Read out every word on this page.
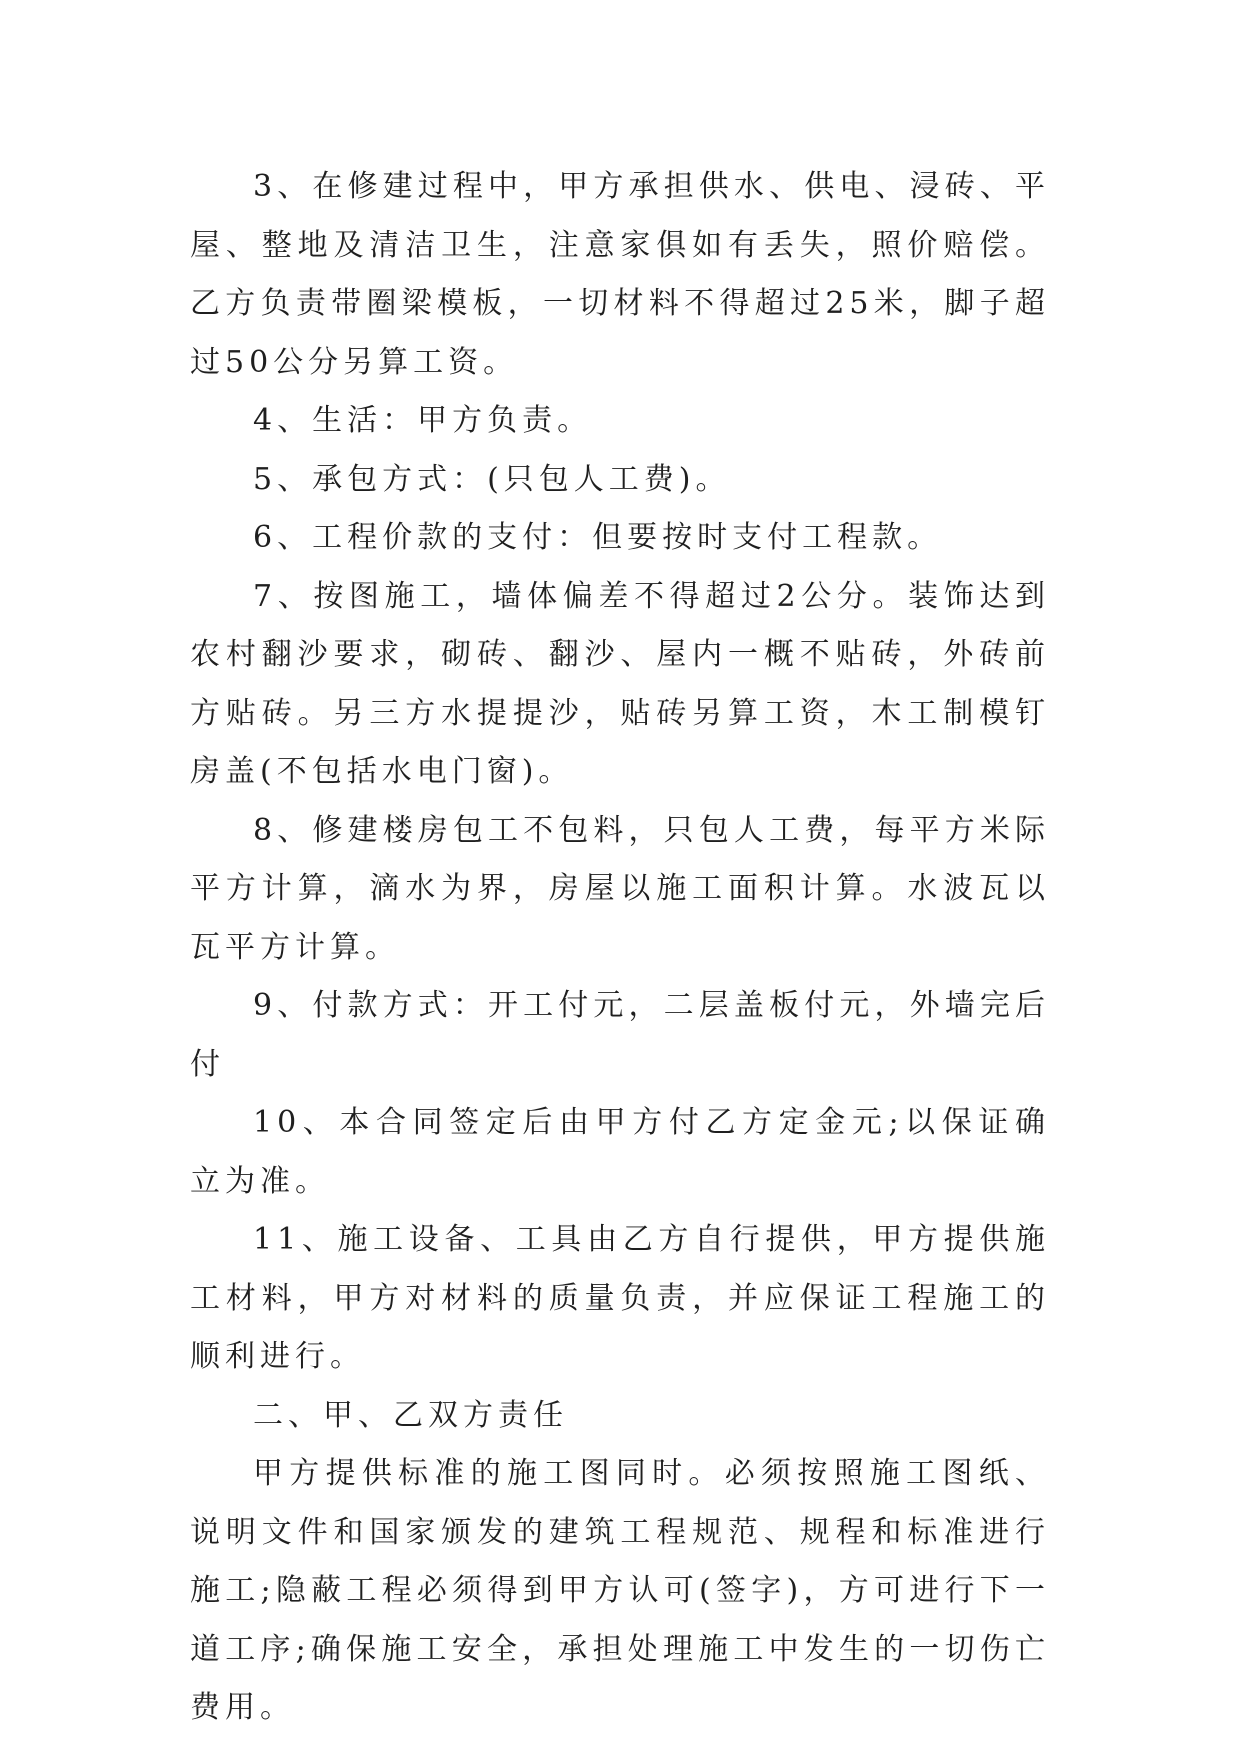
3、在修建过程中，甲方承担供水、供电、浸砖、平屋、整地及清洁卫生，注意家俱如有丢失，照价赔偿。乙方负责带圈梁模板，一切材料不得超过25米，脚子超过50公分另算工资。

4、生活：甲方负责。

5、承包方式：(只包人工费)。

6、工程价款的支付：但要按时支付工程款。

7、按图施工，墙体偏差不得超过2公分。装饰达到农村翻沙要求，砌砖、翻沙、屋内一概不贴砖，外砖前方贴砖。另三方水提提沙，贴砖另算工资，木工制模钉房盖(不包括水电门窗)。

8、修建楼房包工不包料，只包人工费，每平方米际平方计算，滴水为界，房屋以施工面积计算。水波瓦以瓦平方计算。

9、付款方式：开工付元，二层盖板付元，外墙完后付

10、本合同签定后由甲方付乙方定金元;以保证确立为准。

11、施工设备、工具由乙方自行提供，甲方提供施工材料，甲方对材料的质量负责，并应保证工程施工的顺利进行。

二、甲、乙双方责任

甲方提供标准的施工图同时。必须按照施工图纸、说明文件和国家颁发的建筑工程规范、规程和标准进行施工;隐蔽工程必须得到甲方认可(签字)，方可进行下一道工序;确保施工安全，承担处理施工中发生的一切伤亡费用。
